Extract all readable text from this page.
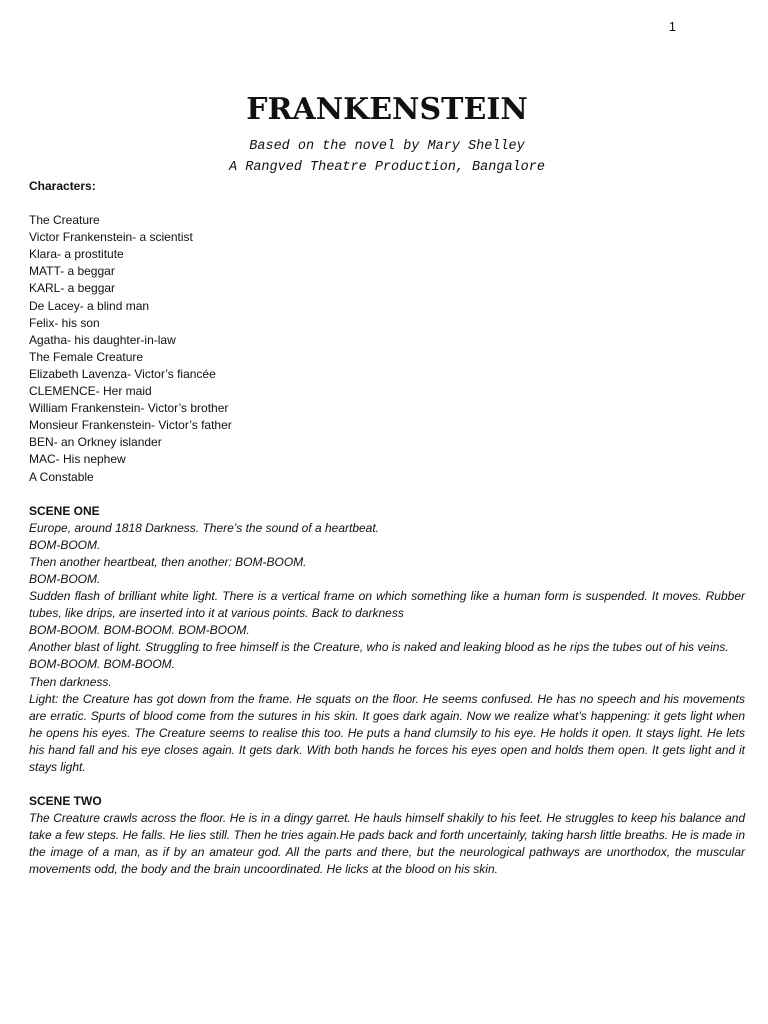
1
FRANKENSTEIN
Based on the novel by Mary Shelley
A Rangved Theatre Production, Bangalore
Characters:
The Creature
Victor Frankenstein- a scientist
Klara- a prostitute
MATT- a beggar
KARL- a beggar
De Lacey- a blind man
Felix- his son
Agatha- his daughter-in-law
The Female Creature
Elizabeth Lavenza- Victor’s fiancée
CLEMENCE- Her maid
William Frankenstein- Victor’s brother
Monsieur Frankenstein- Victor’s father
BEN- an Orkney islander
MAC- His nephew
A Constable
SCENE ONE
Europe, around 1818 Darkness. There’s the sound of a heartbeat.
BOM-BOOM.
Then another heartbeat, then another: BOM-BOOM.
BOM-BOOM.
Sudden flash of brilliant white light. There is a vertical frame on which something like a human form is suspended. It moves. Rubber tubes, like drips, are inserted into it at various points. Back to darkness
BOM-BOOM. BOM-BOOM. BOM-BOOM.
Another blast of light. Struggling to free himself is the Creature, who is naked and leaking blood as he rips the tubes out of his veins.
BOM-BOOM. BOM-BOOM.
Then darkness.
Light: the Creature has got down from the frame. He squats on the floor. He seems confused. He has no speech and his movements are erratic. Spurts of blood come from the sutures in his skin. It goes dark again. Now we realize what’s happening: it gets light when he opens his eyes. The Creature seems to realise this too. He puts a hand clumsily to his eye. He holds it open. It stays light. He lets his hand fall and his eye closes again. It gets dark. With both hands he forces his eyes open and holds them open. It gets light and it stays light.
SCENE TWO
The Creature crawls across the floor. He is in a dingy garret. He hauls himself shakily to his feet. He struggles to keep his balance and take a few steps. He falls. He lies still. Then he tries again.He pads back and forth uncertainly, taking harsh little breaths. He is made in the image of a man, as if by an amateur god. All the parts and there, but the neurological pathways are unorthodox, the muscular movements odd, the body and the brain uncoordinated. He licks at the blood on his skin.
